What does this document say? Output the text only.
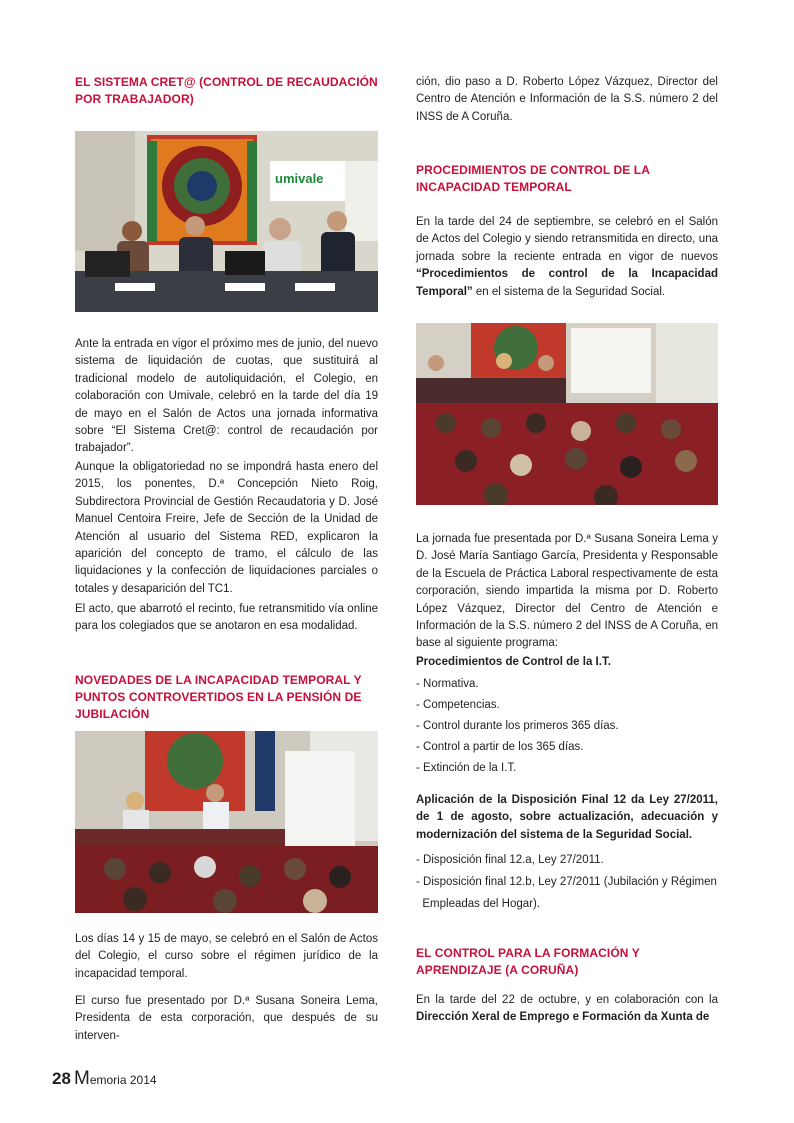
EL SISTEMA CRET@ (CONTROL DE RECAUDACIÓN POR TRABAJADOR)
umivale

Ante la entrada en vigor el próximo mes de junio, del nuevo sistema de liquidación de cuotas, que sustituirá al tradicional modelo de autoliquidación, el Colegio, en colaboración con Umivale, celebró en la tarde del día 19 de mayo en el Salón de Actos una jornada informativa sobre “El Sistema Cret@: control de recaudación por trabajador”.

Aunque la obligatoriedad no se impondrá hasta enero del 2015, los ponentes, D.ª Concepción Nieto Roig, Subdirectora Provincial de Gestión Recaudatoria y D. José Manuel Centoira Freire, Jefe de Sección de la Unidad de Atención al usuario del Sistema RED, explicaron la aparición del concepto de tramo, el cálculo de las liquidaciones y la confección de liquidaciones parciales o totales y desaparición del TC1.

El acto, que abarrotó el recinto, fue retransmitido vía online para los colegiados que se anotaron en esa modalidad.

NOVEDADES DE LA INCAPACIDAD TEMPORAL Y PUNTOS CONTROVERTIDOS EN LA PENSIÓN DE JUBILACIÓN

Los días 14 y 15 de mayo, se celebró en el Salón de Actos del Colegio, el curso sobre el régimen jurídico de la incapacidad temporal.

El curso fue presentado por D.ª Susana Soneira Lema, Presidenta de esta corporación, que después de su interven-

ción, dio paso a D. Roberto López Vázquez, Director del Centro de Atención e Información de la S.S. número 2 del INSS de A Coruña.

PROCEDIMIENTOS DE CONTROL DE LA INCAPACIDAD TEMPORAL

En la tarde del 24 de septiembre, se celebró en el Salón de Actos del Colegio y siendo retransmitida en directo, una jornada sobre la reciente entrada en vigor de nuevos “Procedimientos de control de la Incapacidad Temporal” en el sistema de la Seguridad Social.

La jornada fue presentada por D.ª Susana Soneira Lema y D. José María Santiago García, Presidenta y Responsable de la Escuela de Práctica Laboral respectivamente de esta corporación, siendo impartida la misma por D. Roberto López Vázquez, Director del Centro de Atención e Información de la S.S. número 2 del INSS de A Coruña, en base al siguiente programa:

Procedimientos de Control de la I.T.

- Normativa.
- Competencias.
- Control durante los primeros 365 días.
- Control a partir de los 365 días.
- Extinción de la I.T.

Aplicación de la Disposición Final 12 da Ley 27/2011, de 1 de agosto, sobre actualización, adecuación y modernización del sistema de la Seguridad Social.

- Disposición final 12.a, Ley 27/2011.
- Disposición final 12.b, Ley 27/2011 (Jubilación y Régimen
Empleadas del Hogar).
EL CONTROL PARA LA FORMACIÓN Y APRENDIZAJE (A CORUÑA)

En la tarde del 22 de octubre, y en colaboración con la Dirección Xeral de Emprego e Formación da Xunta de

28 Memoria 2014
